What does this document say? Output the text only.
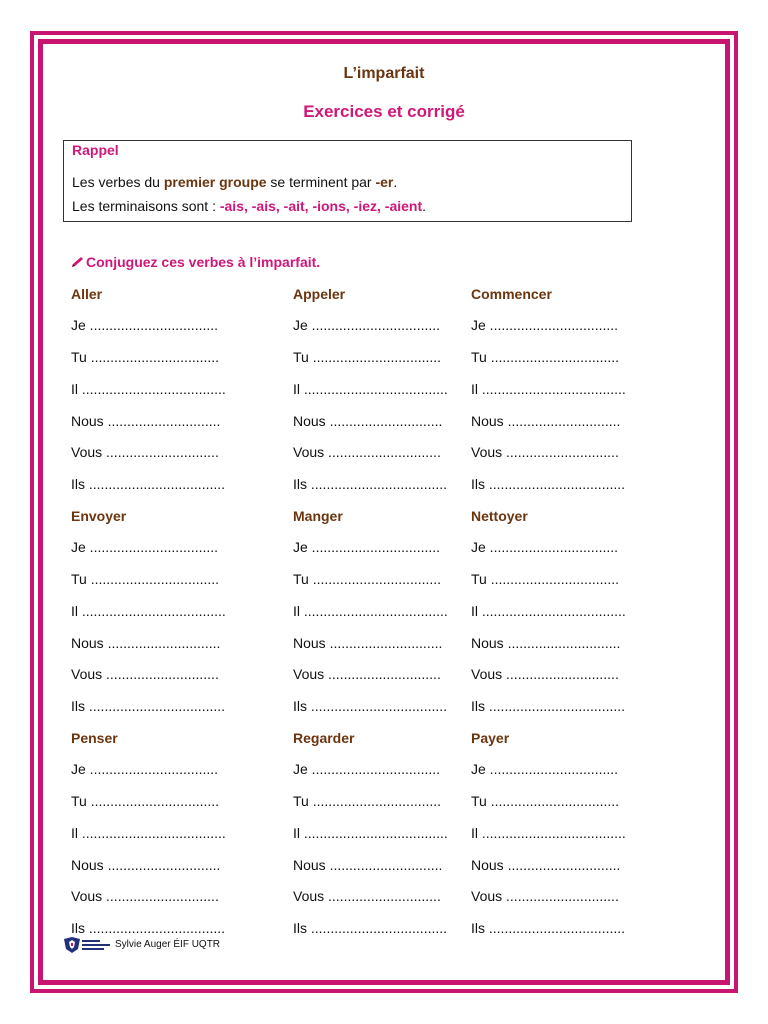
L’imparfait
Exercices et corrigé
Rappel
Les verbes du premier groupe se terminent par -er.
Les terminaisons sont : -ais, -ais, -ait, -ions, -iez, -aient.
Conjuguez ces verbes à l’imparfait.
Aller
Je .................................
Tu .................................
Il .....................................
Nous .............................
Vous .............................
Ils ...................................
Appeler
Je .................................
Tu .................................
Il .....................................
Nous .............................
Vous .............................
Ils ...................................
Commencer
Je .................................
Tu .................................
Il .....................................
Nous .............................
Vous .............................
Ils ...................................
Envoyer
Je .................................
Tu .................................
Il .....................................
Nous .............................
Vous .............................
Ils ...................................
Manger
Je .................................
Tu .................................
Il .....................................
Nous .............................
Vous .............................
Ils ...................................
Nettoyer
Je .................................
Tu .................................
Il .....................................
Nous .............................
Vous .............................
Ils ...................................
Penser
Je .................................
Tu .................................
Il .....................................
Nous .............................
Vous .............................
Ils ...................................
Regarder
Je .................................
Tu .................................
Il .....................................
Nous .............................
Vous .............................
Ils ...................................
Payer
Je .................................
Tu .................................
Il .....................................
Nous .............................
Vous .............................
Ils ...................................
Sylvie Auger ÉIF UQTR
